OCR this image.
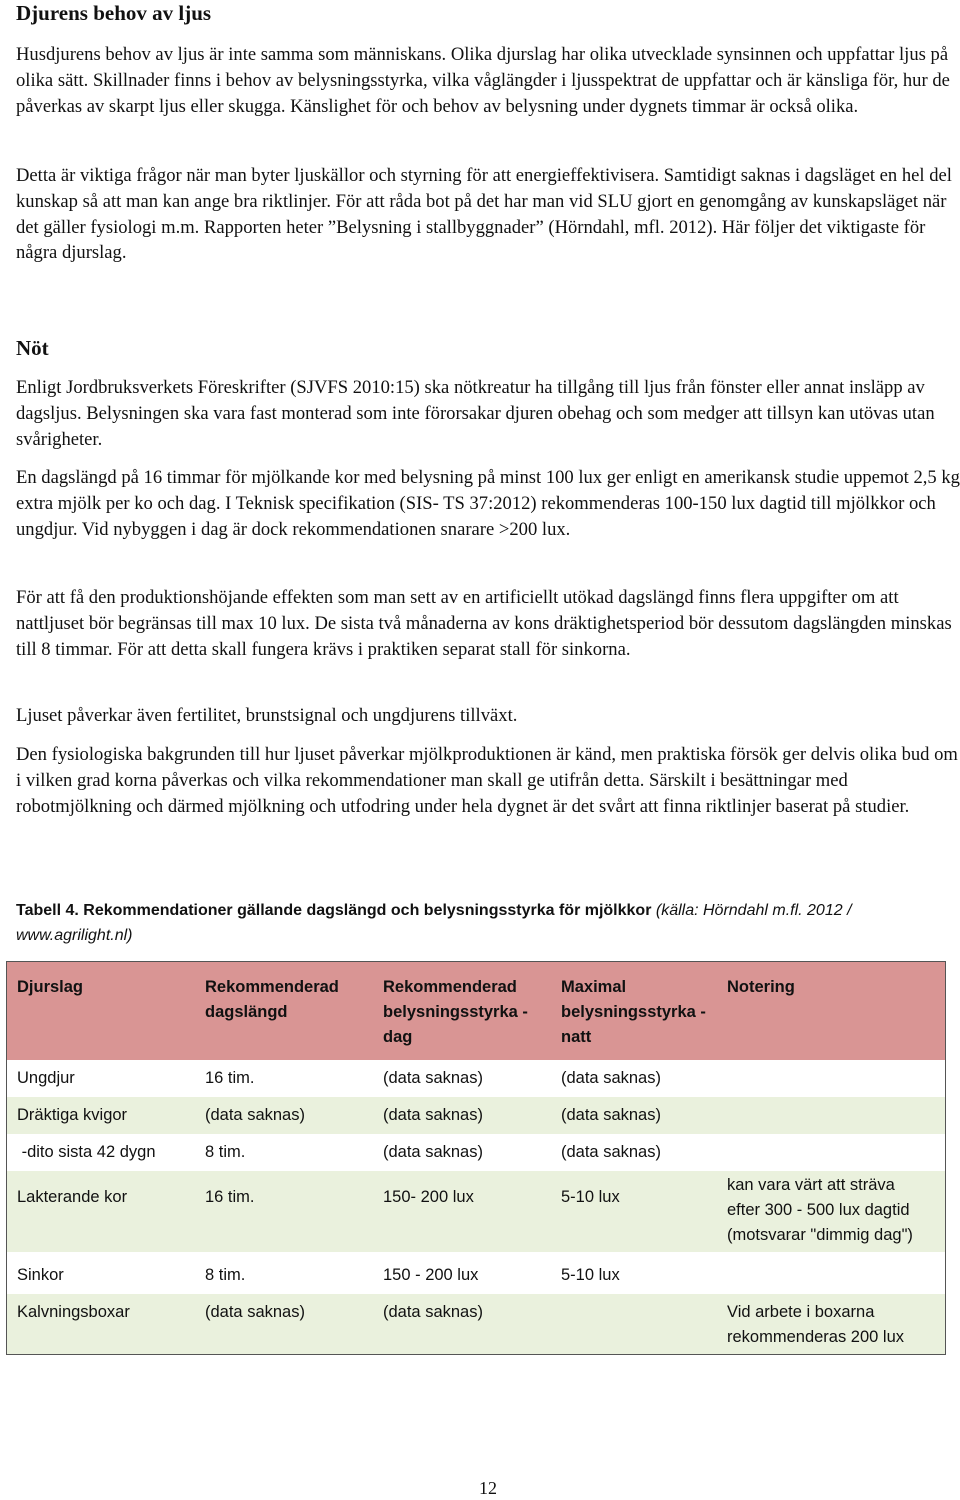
Djurens behov av ljus
Husdjurens behov av ljus är inte samma som människans. Olika djurslag har olika utvecklade synsinnen och uppfattar ljus på olika sätt. Skillnader finns i behov av belysningsstyrka, vilka våglängder i ljusspektrat de uppfattar och är känsliga för, hur de påverkas av skarpt ljus eller skugga. Känslighet för och behov av belysning under dygnets timmar är också olika.
Detta är viktiga frågor när man byter ljuskällor och styrning för att energieffektivisera. Samtidigt saknas i dagsläget en hel del kunskap så att man kan ange bra riktlinjer. För att råda bot på det har man vid SLU gjort en genomgång av kunskapsläget när det gäller fysiologi m.m. Rapporten heter ”Belysning i stallbyggnader” (Hörndahl, mfl. 2012). Här följer det viktigaste för några djurslag.
Nöt
Enligt Jordbruksverkets Föreskrifter (SJVFS 2010:15) ska nötkreatur ha tillgång till ljus från fönster eller annat insläpp av dagsljus. Belysningen ska vara fast monterad som inte förorsakar djuren obehag och som medger att tillsyn kan utövas utan svårigheter.
En dagslängd på 16 timmar för mjölkande kor med belysning på minst 100 lux ger enligt en amerikansk studie uppemot 2,5 kg extra mjölk per ko och dag. I Teknisk specifikation (SIS- TS 37:2012) rekommenderas 100-150 lux dagtid till mjölkkor och ungdjur. Vid nybyggen i dag är dock rekommendationen snarare >200 lux.
För att få den produktionshöjande effekten som man sett av en artificiellt utökad dagslängd finns flera uppgifter om att nattljuset bör begränsas till max 10 lux. De sista två månaderna av kons dräktighetsperiod bör dessutom dagslängden minskas till 8 timmar. För att detta skall fungera krävs i praktiken separat stall för sinkorna.
Ljuset påverkar även fertilitet, brunstsignal och ungdjurens tillväxt.
Den fysiologiska bakgrunden till hur ljuset påverkar mjölkproduktionen är känd, men praktiska försök ger delvis olika bud om i vilken grad korna påverkas och vilka rekommendationer man skall ge utifrån detta. Särskilt i besättningar med robotmjölkning och därmed mjölkning och utfodring under hela dygnet är det svårt att finna riktlinjer baserat på studier.
Tabell 4. Rekommendationer gällande dagslängd och belysningsstyrka för mjölkkor (källa: Hörndahl m.fl. 2012 / www.agrilight.nl)
Djurslag	Rekommenderad dagslängd	Rekommenderad belysningsstyrka - dag	Maximal belysningsstyrka - natt	Notering
Ungdjur	16 tim.	(data saknas)	(data saknas)	
Dräktiga kvigor	(data saknas)	(data saknas)	(data saknas)	
-dito sista 42 dygn	8 tim.	(data saknas)	(data saknas)	
Lakterande kor	16 tim.	150- 200 lux	5-10 lux	kan vara värt att sträva efter 300 - 500 lux dagtid (motsvarar "dimmig dag")
Sinkor	8 tim.	150 - 200 lux	5-10 lux	
Kalvningsboxar	(data saknas)	(data saknas)		Vid arbete i boxarna rekommenderas 200 lux
12
